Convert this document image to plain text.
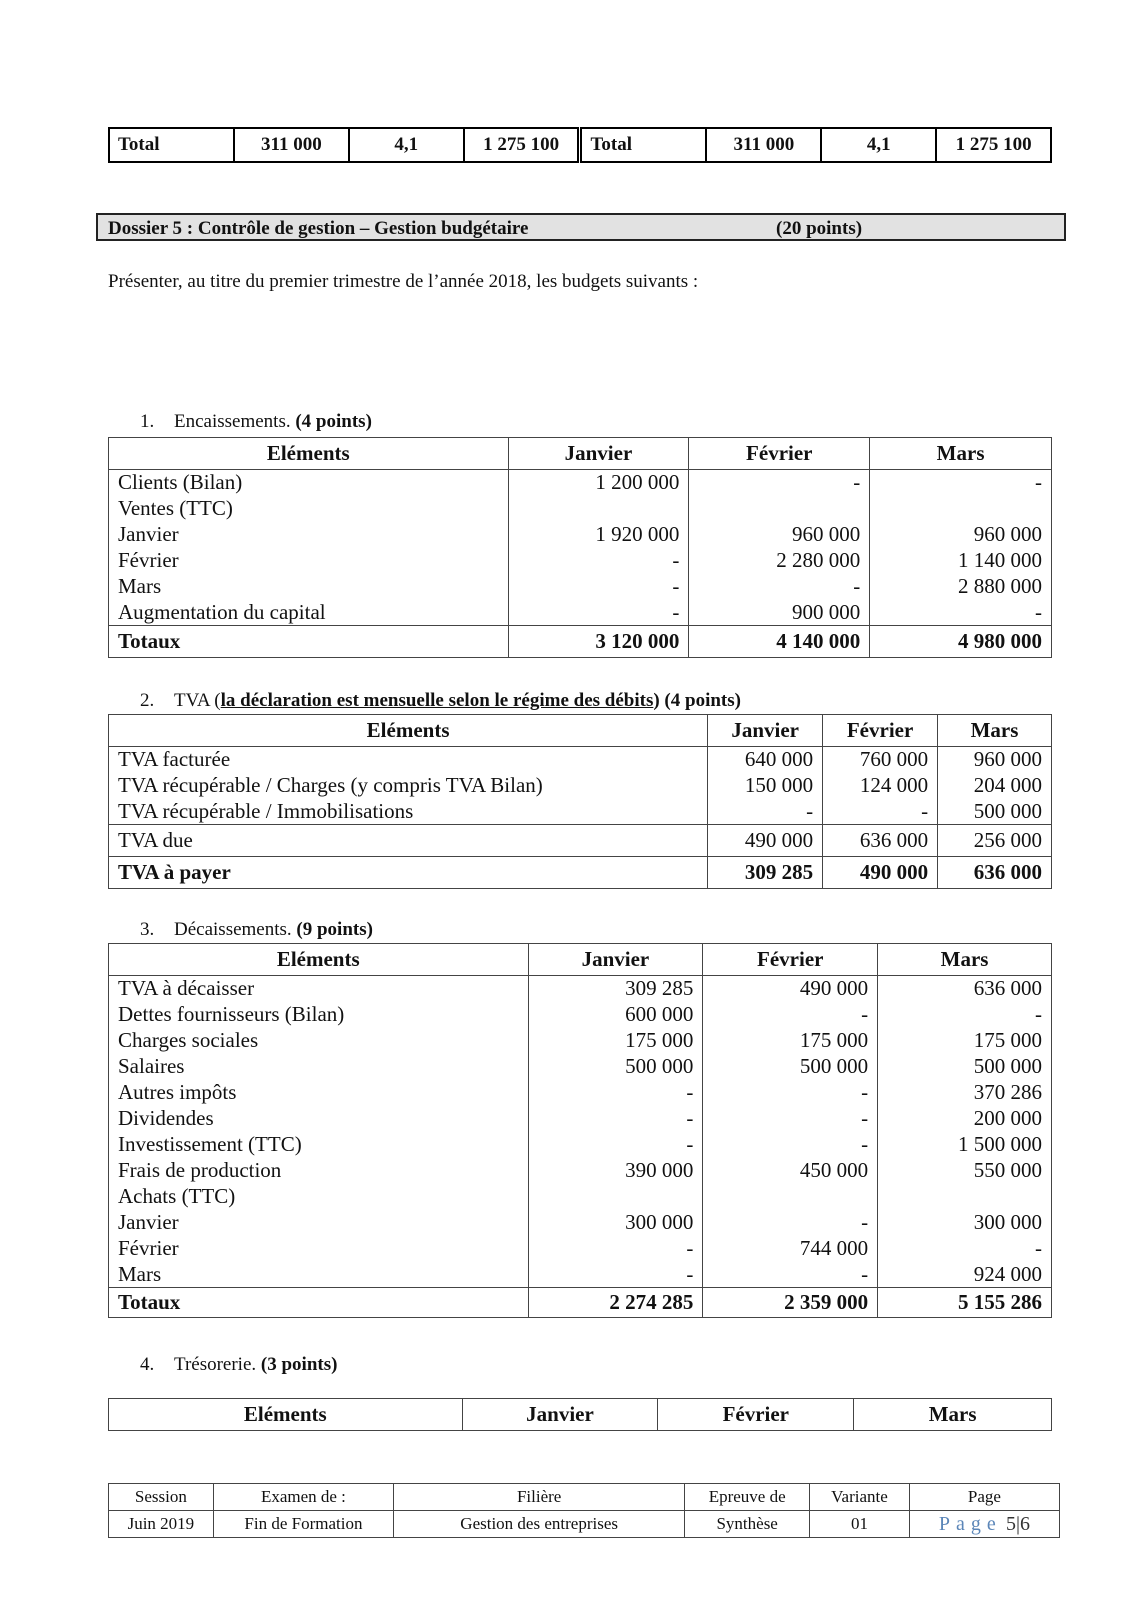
Total	311 000	4,1	1 275 100	Total	311 000	4,1	1 275 100
Dossier 5 : Contrôle de gestion – Gestion budgétaire	(20 points)
Présenter, au titre du premier trimestre de l’année 2018, les budgets suivants :
1. Encaissements. (4 points)
Eléments	Janvier	Février	Mars
Clients (Bilan)	1 200 000	-	-
Ventes (TTC)			
Janvier	1 920 000	960 000	960 000
Février	-	2 280 000	1 140 000
Mars	-	-	2 880 000
Augmentation du capital	-	900 000	-
Totaux	3 120 000	4 140 000	4 980 000
2. TVA (la déclaration est mensuelle selon le régime des débits) (4 points)
Eléments	Janvier	Février	Mars
TVA facturée	640 000	760 000	960 000
TVA récupérable / Charges (y compris TVA Bilan)	150 000	124 000	204 000
TVA récupérable / Immobilisations	-	-	500 000
TVA due	490 000	636 000	256 000
TVA à payer	309 285	490 000	636 000
3. Décaissements. (9 points)
Eléments	Janvier	Février	Mars
TVA à décaisser	309 285	490 000	636 000
Dettes fournisseurs (Bilan)	600 000	-	-
Charges sociales	175 000	175 000	175 000
Salaires	500 000	500 000	500 000
Autres impôts	-	-	370 286
Dividendes	-	-	200 000
Investissement (TTC)	-	-	1 500 000
Frais de production	390 000	450 000	550 000
Achats (TTC)			
Janvier	300 000	-	300 000
Février	-	744 000	-
Mars	-	-	924 000
Totaux	2 274 285	2 359 000	5 155 286
4. Trésorerie. (3 points)
Eléments	Janvier	Février	Mars
Session	Examen de :	Filière	Epreuve de	Variante	Page
Juin 2019	Fin de Formation	Gestion des entreprises	Synthèse	01	Page 5|6
